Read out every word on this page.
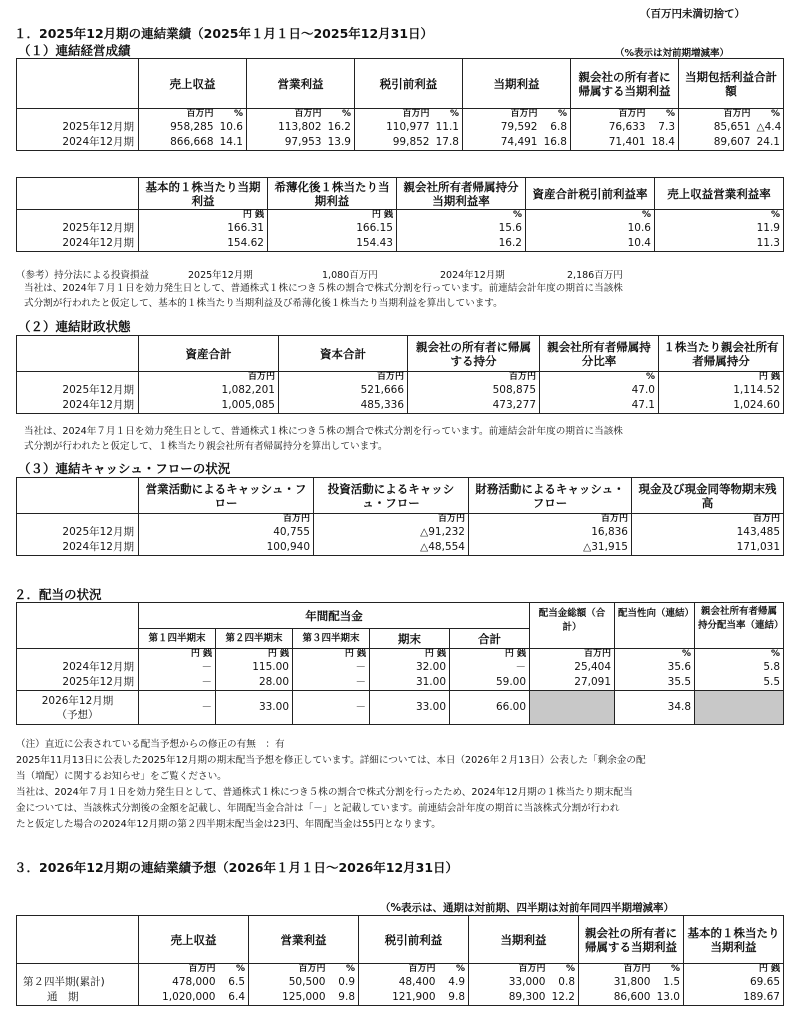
（百万円未満切捨て）
１．2025年12月期の連結業績（2025年１月１日～2025年12月31日）
（１）連結経営成績	（%表示は対前期増減率）
	売上収益		営業利益		税引前利益		当期利益		親会社の所有者に帰属する当期利益		当期包括利益合計額	
	百万円	%	百万円	%	百万円	%	百万円	%	百万円	%	百万円	%
2025年12月期	958,285	10.6	113,802	16.2	110,977	11.1	79,592	6.8	76,633	7.3	85,651	△4.4
2024年12月期	866,668	14.1	97,953	13.9	99,852	17.8	74,491	16.8	71,401	18.4	89,607	24.1
	基本的１株当たり当期利益	希薄化後１株当たり当期利益	親会社所有者帰属持分当期利益率	資産合計税引前利益率	売上収益営業利益率
	円 銭	円 銭	%	%	%
2025年12月期	166.31	166.15	15.6	10.6	11.9
2024年12月期	154.62	154.43	16.2	10.4	11.3
（参考）持分法による投資損益	2025年12月期	1,080百万円	2024年12月期	2,186百万円
当社は、2024年７月１日を効力発生日として、普通株式１株につき５株の割合で株式分割を行っています。前連結会計年度の期首に当該株
式分割が行われたと仮定して、基本的１株当たり当期利益及び希薄化後１株当たり当期利益を算出しています。
（２）連結財政状態
	資産合計	資本合計	親会社の所有者に帰属する持分	親会社所有者帰属持分比率	１株当たり親会社所有者帰属持分
	百万円	百万円	百万円	%	円 銭
2025年12月期	1,082,201	521,666	508,875	47.0	1,114.52
2024年12月期	1,005,085	485,336	473,277	47.1	1,024.60
当社は、2024年７月１日を効力発生日として、普通株式１株につき５株の割合で株式分割を行っています。前連結会計年度の期首に当該株
式分割が行われたと仮定して、１株当たり親会社所有者帰属持分を算出しています。
（３）連結キャッシュ・フローの状況
	営業活動によるキャッシュ・フロー	投資活動によるキャッシュ・フロー	財務活動によるキャッシュ・フロー	現金及び現金同等物期末残高
	百万円	百万円	百万円	百万円
2025年12月期	40,755	△91,232	16,836	143,485
2024年12月期	100,940	△48,554	△31,915	171,031
２．配当の状況
	年間配当金					配当金総額（合計）	配当性向（連結）	親会社所有者帰属持分配当率（連結）
	第１四半期末	第２四半期末	第３四半期末	期末	合計			
	円 銭	円 銭	円 銭	円 銭	円 銭	百万円	%	%
2024年12月期	－	115.00	－	32.00	－	25,404	35.6	5.8
2025年12月期	－	28.00	－	31.00	59.00	27,091	35.5	5.5

2026年12月期
（予想）	－	33.00	－	33.00	66.00		34.8	
（注）直近に公表されている配当予想からの修正の有無　：有
2025年11月13日に公表した2025年12月期の期末配当予想を修正しています。詳細については、本日（2026年２月13日）公表した「剰余金の配
当（増配）に関するお知らせ」をご覧ください。
当社は、2024年７月１日を効力発生日として、普通株式１株につき５株の割合で株式分割を行ったため、2024年12月期の１株当たり期末配当
金については、当該株式分割後の金額を記載し、年間配当金合計は「－」と記載しています。前連結会計年度の期首に当該株式分割が行われ
たと仮定した場合の2024年12月期の第２四半期末配当金は23円、年間配当金は55円となります。
３．2026年12月期の連結業績予想（2026年１月１日～2026年12月31日）
（%表示は、通期は対前期、四半期は対前年同四半期増減率）
	売上収益		営業利益		税引前利益		当期利益		親会社の所有者に帰属する当期利益		基本的１株当たり当期利益
	百万円	%	百万円	%	百万円	%	百万円	%	百万円	%	円 銭
第２四半期(累計)	478,000	6.5	50,500	0.9	48,400	4.9	33,000	0.8	31,800	1.5	69.65
通　期	1,020,000	6.4	125,000	9.8	121,900	9.8	89,300	12.2	86,600	13.0	189.67
